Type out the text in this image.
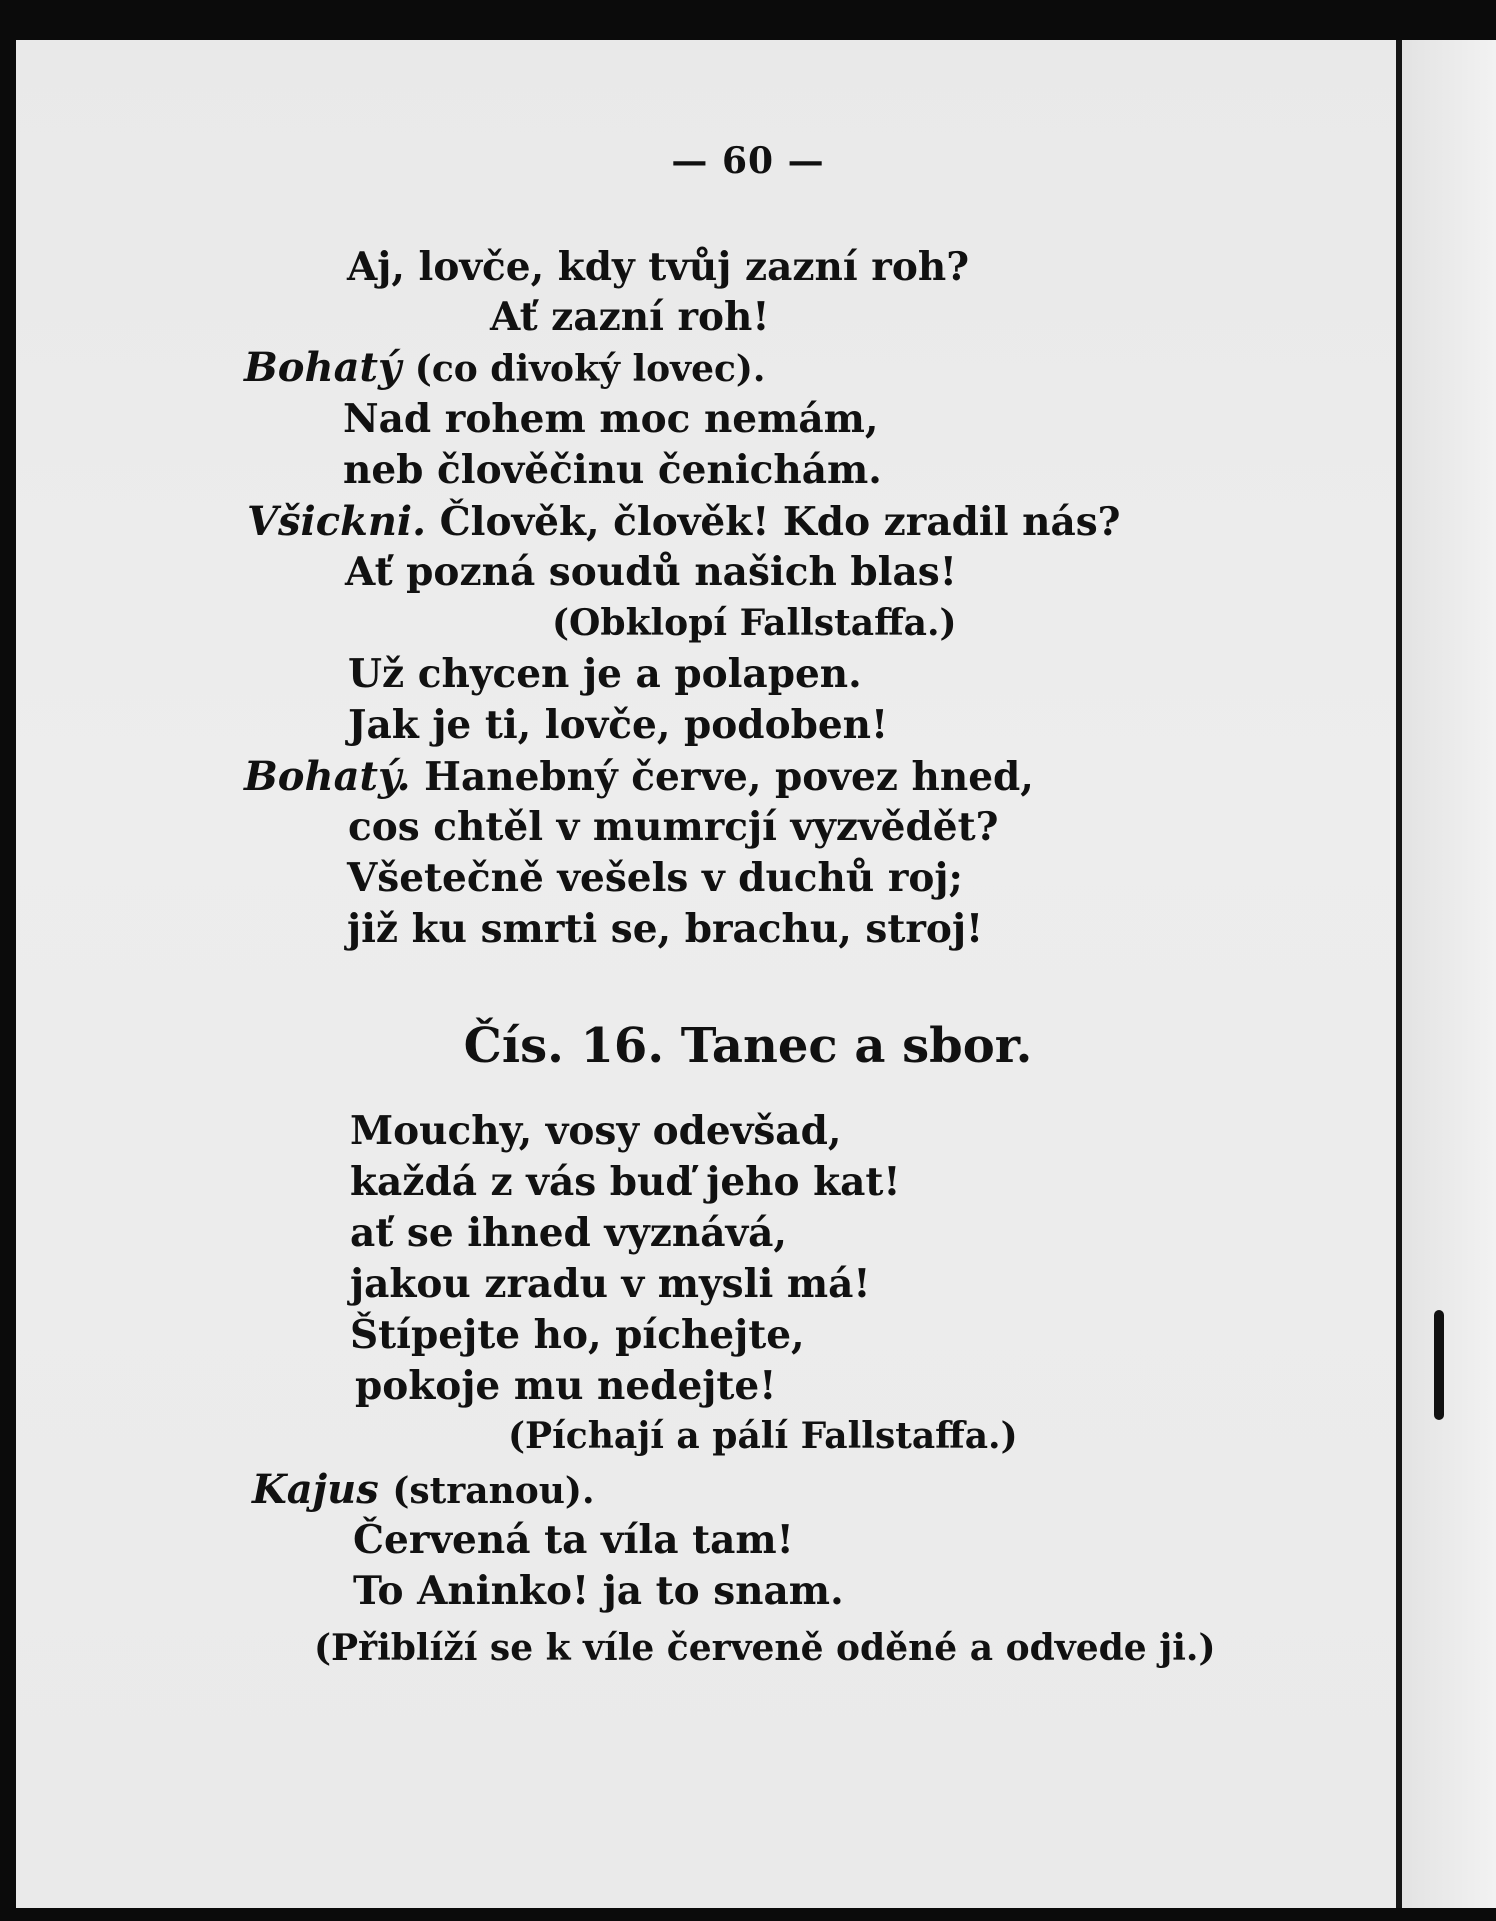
— 60 —
Aj, lovče, kdy tvůj zazní roh?
Ať zazní roh!
Bohatý (co divoký lovec).
Nad rohem moc nemám,
neb člověčinu čenichám.
Všickni. Člověk, člověk! Kdo zradil nás?
Ať pozná soudů našich blas!
(Obklopí Fallstaffa.)
Už chycen je a polapen.
Jak je ti, lovče, podoben!
Bohatý. Hanebný červe, povez hned,
cos chtěl v mumrcjí vyzvědět?
Všetečně vešels v duchů roj;
již ku smrti se, brachu, stroj!
Čís. 16. Tanec a sbor.
Mouchy, vosy odevšad,
každá z vás buď jeho kat!
ať se ihned vyznává,
jakou zradu v mysli má!
Štípejte ho, píchejte,
pokoje mu nedejte!
(Píchají a pálí Fallstaffa.)
Kajus (stranou).
Červená ta víla tam!
To Aninko! ja to snam.
(Přiblíží se k víle červeně oděné a odvede ji.)
